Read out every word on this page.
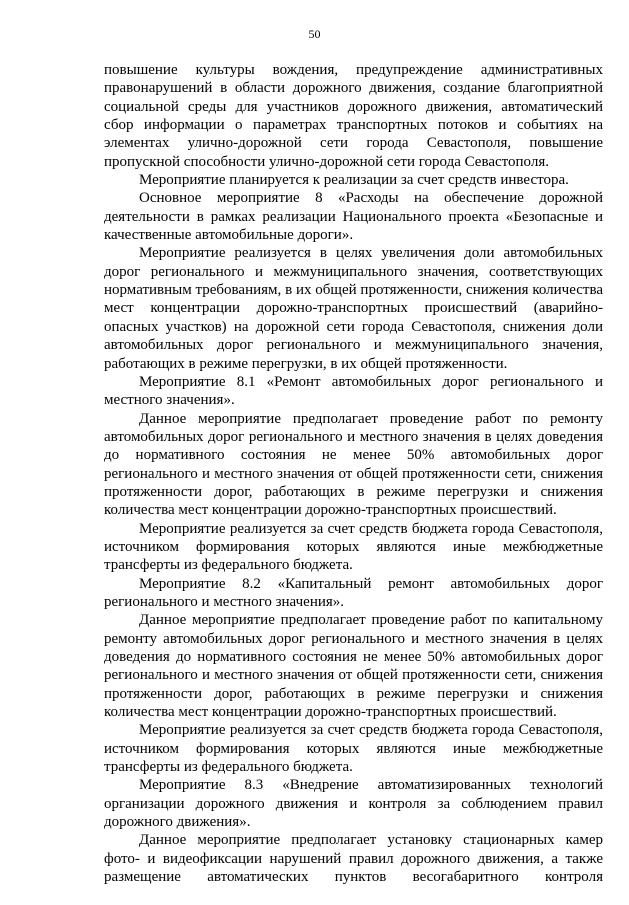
50

повышение культуры вождения, предупреждение административных правонарушений в области дорожного движения, создание благоприятной социальной среды для участников дорожного движения, автоматический сбор информации о параметрах транспортных потоков и событиях на элементах улично-дорожной сети города Севастополя, повышение пропускной способности улично-дорожной сети города Севастополя.

Мероприятие планируется к реализации за счет средств инвестора.

Основное мероприятие 8 «Расходы на обеспечение дорожной деятельности в рамках реализации Национального проекта «Безопасные и качественные автомобильные дороги».

Мероприятие реализуется в целях увеличения доли автомобильных дорог регионального и межмуниципального значения, соответствующих нормативным требованиям, в их общей протяженности, снижения количества мест концентрации дорожно-транспортных происшествий (аварийно-опасных участков) на дорожной сети города Севастополя, снижения доли автомобильных дорог регионального и межмуниципального значения, работающих в режиме перегрузки, в их общей протяженности.

Мероприятие 8.1 «Ремонт автомобильных дорог регионального и местного значения».

Данное мероприятие предполагает проведение работ по ремонту автомобильных дорог регионального и местного значения в целях доведения до нормативного состояния не менее 50% автомобильных дорог регионального и местного значения от общей протяженности сети, снижения протяженности дорог, работающих в режиме перегрузки и снижения количества мест концентрации дорожно-транспортных происшествий.

Мероприятие реализуется за счет средств бюджета города Севастополя, источником формирования которых являются иные межбюджетные трансферты из федерального бюджета.

Мероприятие 8.2 «Капитальный ремонт автомобильных дорог регионального и местного значения».

Данное мероприятие предполагает проведение работ по капитальному ремонту автомобильных дорог регионального и местного значения в целях доведения до нормативного состояния не менее 50% автомобильных дорог регионального и местного значения от общей протяженности сети, снижения протяженности дорог, работающих в режиме перегрузки и снижения количества мест концентрации дорожно-транспортных происшествий.

Мероприятие реализуется за счет средств бюджета города Севастополя, источником формирования которых являются иные межбюджетные трансферты из федерального бюджета.

Мероприятие 8.3 «Внедрение автоматизированных технологий организации дорожного движения и контроля за соблюдением правил дорожного движения».

Данное мероприятие предполагает установку стационарных камер фото- и видеофиксации нарушений правил дорожного движения, а также размещение автоматических пунктов весогабаритного контроля
